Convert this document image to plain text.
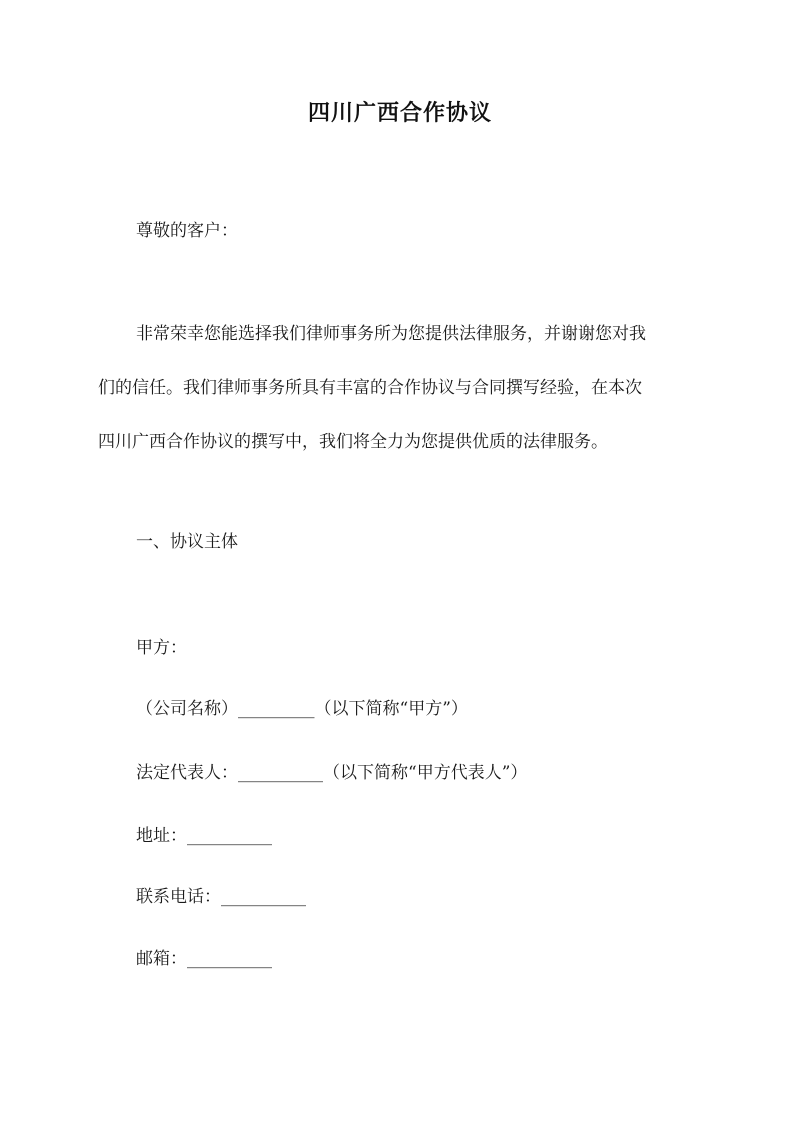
四川广西合作协议
尊敬的客户：
非常荣幸您能选择我们律师事务所为您提供法律服务，并谢谢您对我
们的信任。我们律师事务所具有丰富的合作协议与合同撰写经验，在本次
四川广西合作协议的撰写中，我们将全力为您提供优质的法律服务。
一、协议主体
甲方：
（公司名称）_________（以下简称“甲方”）
法定代表人：__________（以下简称“甲方代表人”）
地址：__________
联系电话：__________
邮箱：__________
